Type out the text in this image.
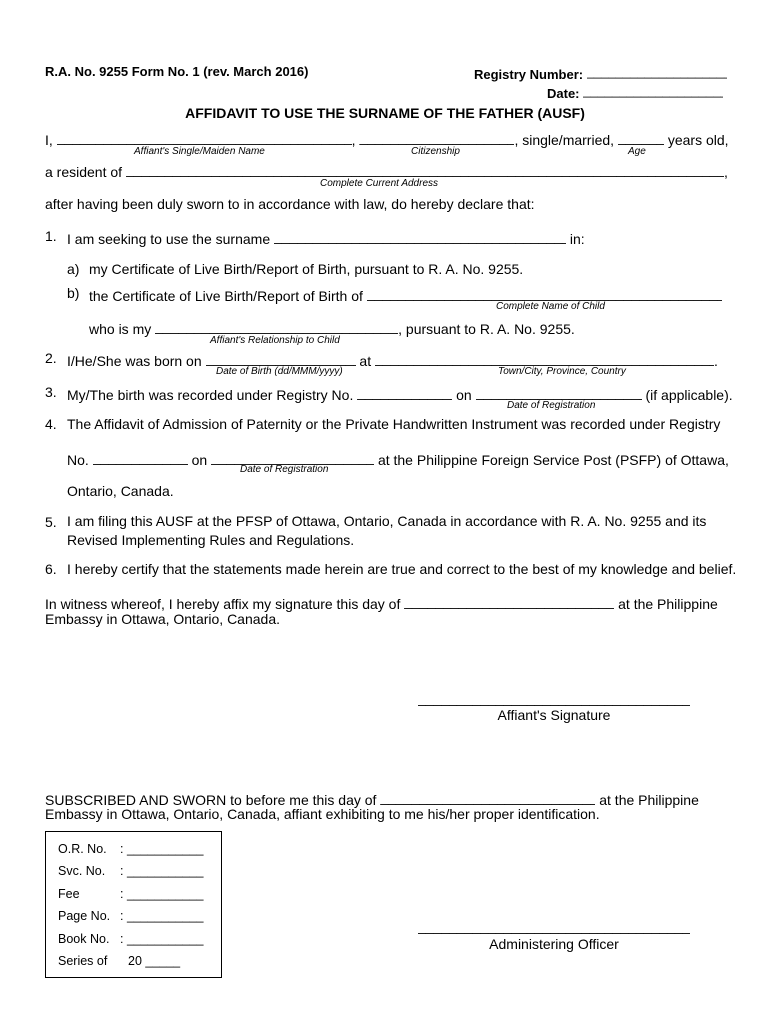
R.A. No. 9255 Form No. 1 (rev. March 2016)	Registry Number: _____
Date: _____
AFFIDAVIT TO USE THE SURNAME OF THE FATHER (AUSF)
I, _____	, _____	, single/married, _____	years old,
Affiant's Single/Maiden Name	Citizenship	Age
a resident of _____	,
Complete Current Address
after having been duly sworn to in accordance with law, do hereby declare that:
1. I am seeking to use the surname _____	in:
a) my Certificate of Live Birth/Report of Birth, pursuant to R. A. No. 9255.
b) the Certificate of Live Birth/Report of Birth of _____
Complete Name of Child
who is my _____	, pursuant to R. A. No. 9255.
Affiant's Relationship to Child
2. I/He/She was born on _____	at _____	.
Date of Birth (dd/MMM/yyyy)	Town/City, Province, Country
3. My/The birth was recorded under Registry No. _____	on _____	(if applicable).
Date of Registration
4. The Affidavit of Admission of Paternity or the Private Handwritten Instrument was recorded under Registry
No. _____	on _____	at the Philippine Foreign Service Post (PSFP) of Ottawa,
Date of Registration
Ontario, Canada.
5. I am filing this AUSF at the PFSP of Ottawa, Ontario, Canada in accordance with R. A. No. 9255 and its
Revised Implementing Rules and Regulations.
6. I hereby certify that the statements made herein are true and correct to the best of my knowledge and belief.
In witness whereof, I hereby affix my signature this day of _____	at the Philippine
Embassy in Ottawa, Ontario, Canada.
_____
Affiant's Signature
SUBSCRIBED AND SWORN to before me this day of _____	at the Philippine
Embassy in Ottawa, Ontario, Canada, affiant exhibiting to me his/her proper identification.
O.R. No. : ___________
Svc. No. : ___________
Fee	: ___________
Page No. : ___________
Book No. : ___________
Series of 20 _____
_____
Administering Officer
